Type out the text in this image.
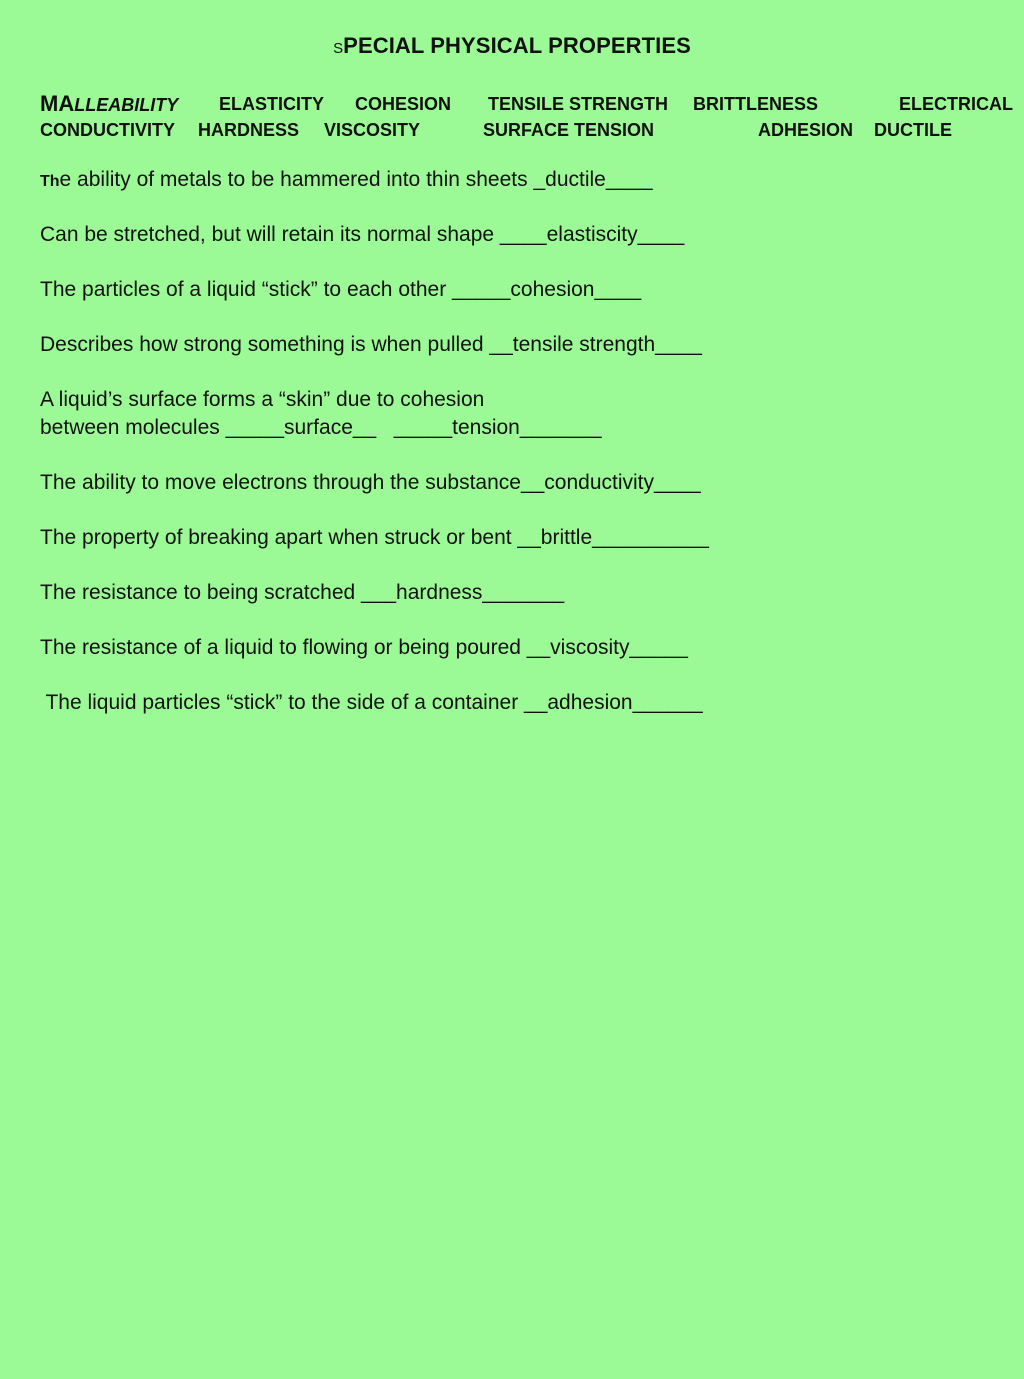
SPECIAL PHYSICAL PROPERTIES
MALLEABILITY ELASTICITY COHESION TENSILE STRENGTH BRITTLENESS	ELECTRICAL
CONDUCTIVITY HARDNESS VISCOSITY	SURFACE TENSION	ADHESION DUCTILE
The ability of metals to be hammered into thin sheets _ductile____
Can be stretched, but will retain its normal shape ____elastiscity____
The particles of a liquid “stick” to each other _____cohesion____
Describes how strong something is when pulled __tensile strength____
A liquid’s surface forms a “skin” due to cohesion
between molecules _____surface__   _____tension_______
The ability to move electrons through the substance__conductivity____
The property of breaking apart when struck or bent __brittle__________
The resistance to being scratched ___hardness_______
The resistance of a liquid to flowing or being poured __viscosity_____
The liquid particles “stick” to the side of a container __adhesion______
